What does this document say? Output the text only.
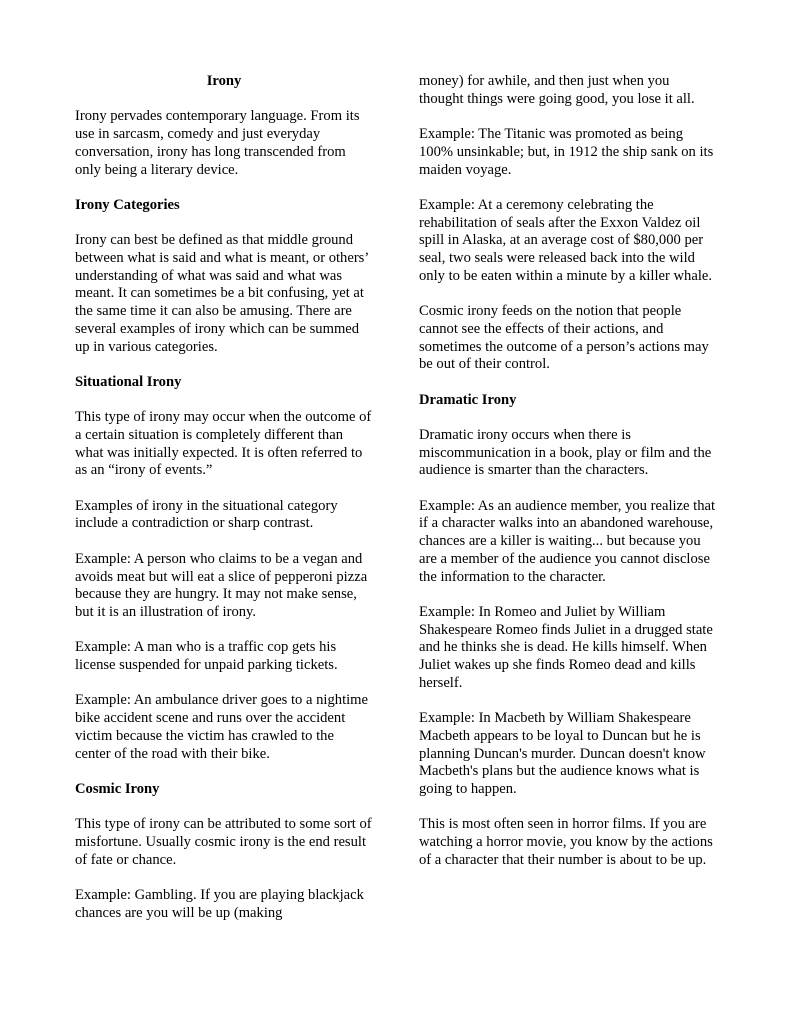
Irony

Irony pervades contemporary language. From its use in sarcasm, comedy and just everyday conversation, irony has long transcended from only being a literary device.

Irony Categories

Irony can best be defined as that middle ground between what is said and what is meant, or others’ understanding of what was said and what was meant. It can sometimes be a bit confusing, yet at the same time it can also be amusing. There are several examples of irony which can be summed up in various categories.

Situational Irony

This type of irony may occur when the outcome of a certain situation is completely different than what was initially expected. It is often referred to as an “irony of events.”

Examples of irony in the situational category include a contradiction or sharp contrast.

Example: A person who claims to be a vegan and avoids meat but will eat a slice of pepperoni pizza because they are hungry. It may not make sense, but it is an illustration of irony.

Example: A man who is a traffic cop gets his license suspended for unpaid parking tickets.

Example: An ambulance driver goes to a nightime bike accident scene and runs over the accident victim because the victim has crawled to the center of the road with their bike.

Cosmic Irony

This type of irony can be attributed to some sort of misfortune. Usually cosmic irony is the end result of fate or chance.

Example: Gambling. If you are playing blackjack chances are you will be up (making

money) for awhile, and then just when you thought things were going good, you lose it all.

Example: The Titanic was promoted as being 100% unsinkable; but, in 1912 the ship sank on its maiden voyage.

Example: At a ceremony celebrating the rehabilitation of seals after the Exxon Valdez oil spill in Alaska, at an average cost of $80,000 per seal, two seals were released back into the wild only to be eaten within a minute by a killer whale.

Cosmic irony feeds on the notion that people cannot see the effects of their actions, and sometimes the outcome of a person’s actions may be out of their control.

Dramatic Irony

Dramatic irony occurs when there is miscommunication in a book, play or film and the audience is smarter than the characters.

Example: As an audience member, you realize that if a character walks into an abandoned warehouse, chances are a killer is waiting... but because you are a member of the audience you cannot disclose the information to the character.

Example: In Romeo and Juliet by William Shakespeare Romeo finds Juliet in a drugged state and he thinks she is dead. He kills himself. When Juliet wakes up she finds Romeo dead and kills herself.

Example: In Macbeth by William Shakespeare Macbeth appears to be loyal to Duncan but he is planning Duncan's murder. Duncan doesn't know Macbeth's plans but the audience knows what is going to happen.

This is most often seen in horror films. If you are watching a horror movie, you know by the actions of a character that their number is about to be up.
